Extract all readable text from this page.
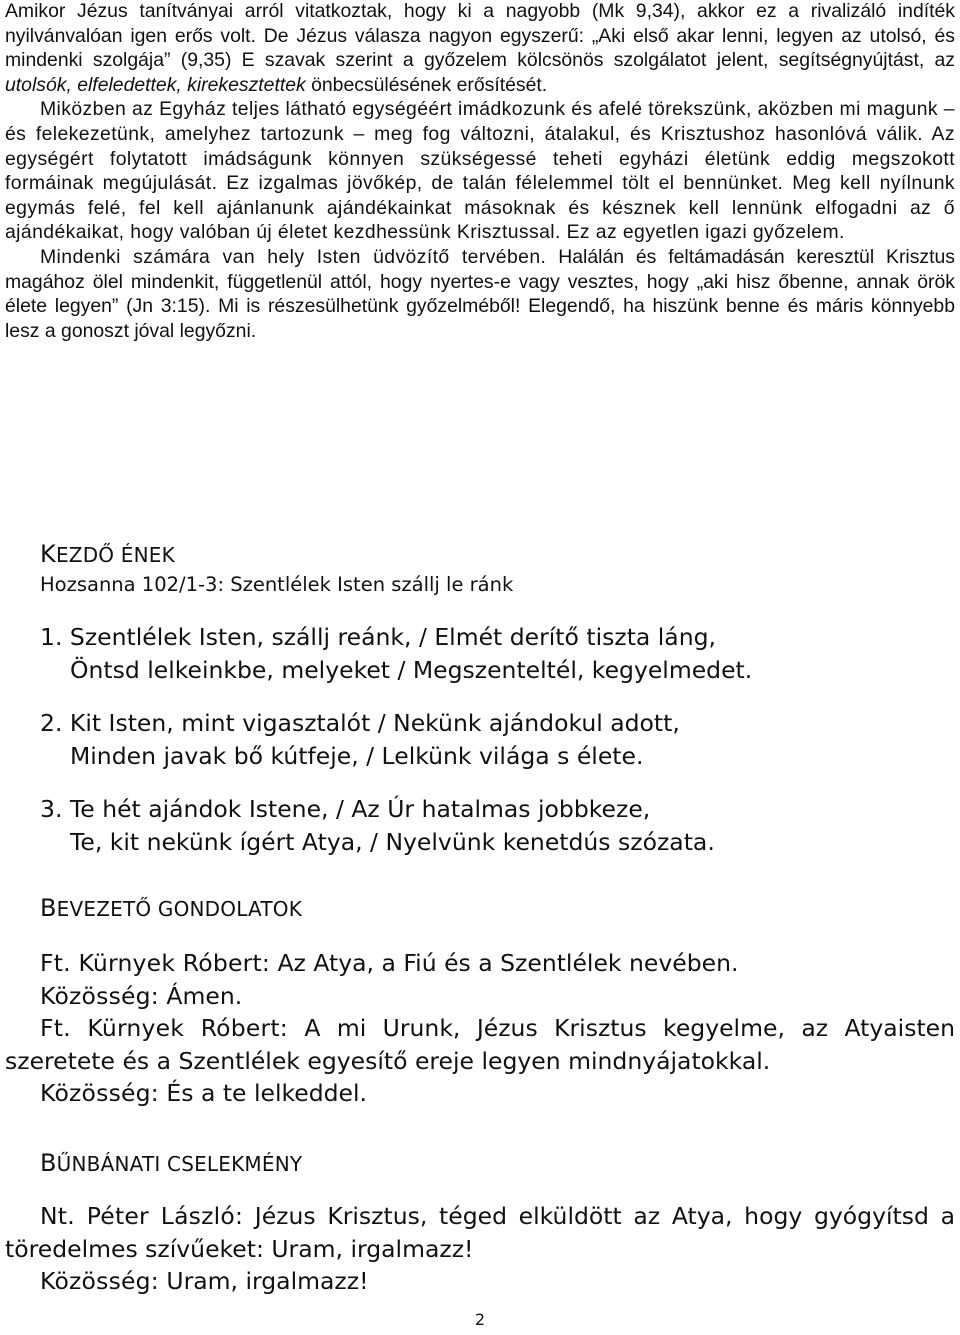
Amikor Jézus tanítványai arról vitatkoztak, hogy ki a nagyobb (Mk 9,34), akkor ez a rivalizáló indíték nyilvánvalóan igen erős volt. De Jézus válasza nagyon egyszerű: „Aki első akar lenni, legyen az utolsó, és mindenki szolgája” (9,35) E szavak szerint a győzelem kölcsönös szolgálatot jelent, segítségnyújtást, az utolsók, elfeledettek, kirekesztettek önbecsülésének erősítését.

Miközben az Egyház teljes látható egységéért imádkozunk és afelé törekszünk, aközben mi magunk – és felekezetünk, amelyhez tartozunk – meg fog változni, átalakul, és Krisztushoz hasonlóvá válik. Az egységért folytatott imádságunk könnyen szükségessé teheti egyházi életünk eddig megszokott formáinak megújulását. Ez izgalmas jövőkép, de talán félelemmel tölt el bennünket. Meg kell nyílnunk egymás felé, fel kell ajánlanunk ajándékainkat másoknak és késznek kell lennünk elfogadni az ő ajándékaikat, hogy valóban új életet kezdhessünk Krisztussal. Ez az egyetlen igazi győzelem.

Mindenki számára van hely Isten üdvözítő tervében. Halálán és feltámadásán keresztül Krisztus magához ölel mindenkit, függetlenül attól, hogy nyertes-e vagy vesztes, hogy „aki hisz őbenne, annak örök élete legyen” (Jn 3:15). Mi is részesülhetünk győzelméből! Elegendő, ha hiszünk benne és máris könnyebb lesz a gonoszt jóval legyőzni.

KEZDŐ ÉNEK
Hozsanna 102/1-3: Szentlélek Isten szállj le ránk
1. Szentlélek Isten, szállj reánk, / Elmét derítő tiszta láng,
Öntsd lelkeinkbe, melyeket / Megszenteltél, kegyelmedet.
2. Kit Isten, mint vigasztalót / Nekünk ajándokul adott,
Minden javak bő kútfeje, / Lelkünk világa s élete.
3. Te hét ajándok Istene, / Az Úr hatalmas jobbkeze,
Te, kit nekünk ígért Atya, / Nyelvünk kenetdús szózata.
BEVEZETŐ GONDOLATOK

Ft. Kürnyek Róbert: Az Atya, a Fiú és a Szentlélek nevében.

Közösség: Ámen.

Ft. Kürnyek Róbert: A mi Urunk, Jézus Krisztus kegyelme, az Atyaisten szeretete és a Szentlélek egyesítő ereje legyen mindnyájatokkal.

Közösség: És a te lelkeddel.

BŰNBÁNATI CSELEKMÉNY

Nt. Péter László: Jézus Krisztus, téged elküldött az Atya, hogy gyógyítsd a töredelmes szívűeket: Uram, irgalmazz!

Közösség: Uram, irgalmazz!

2
